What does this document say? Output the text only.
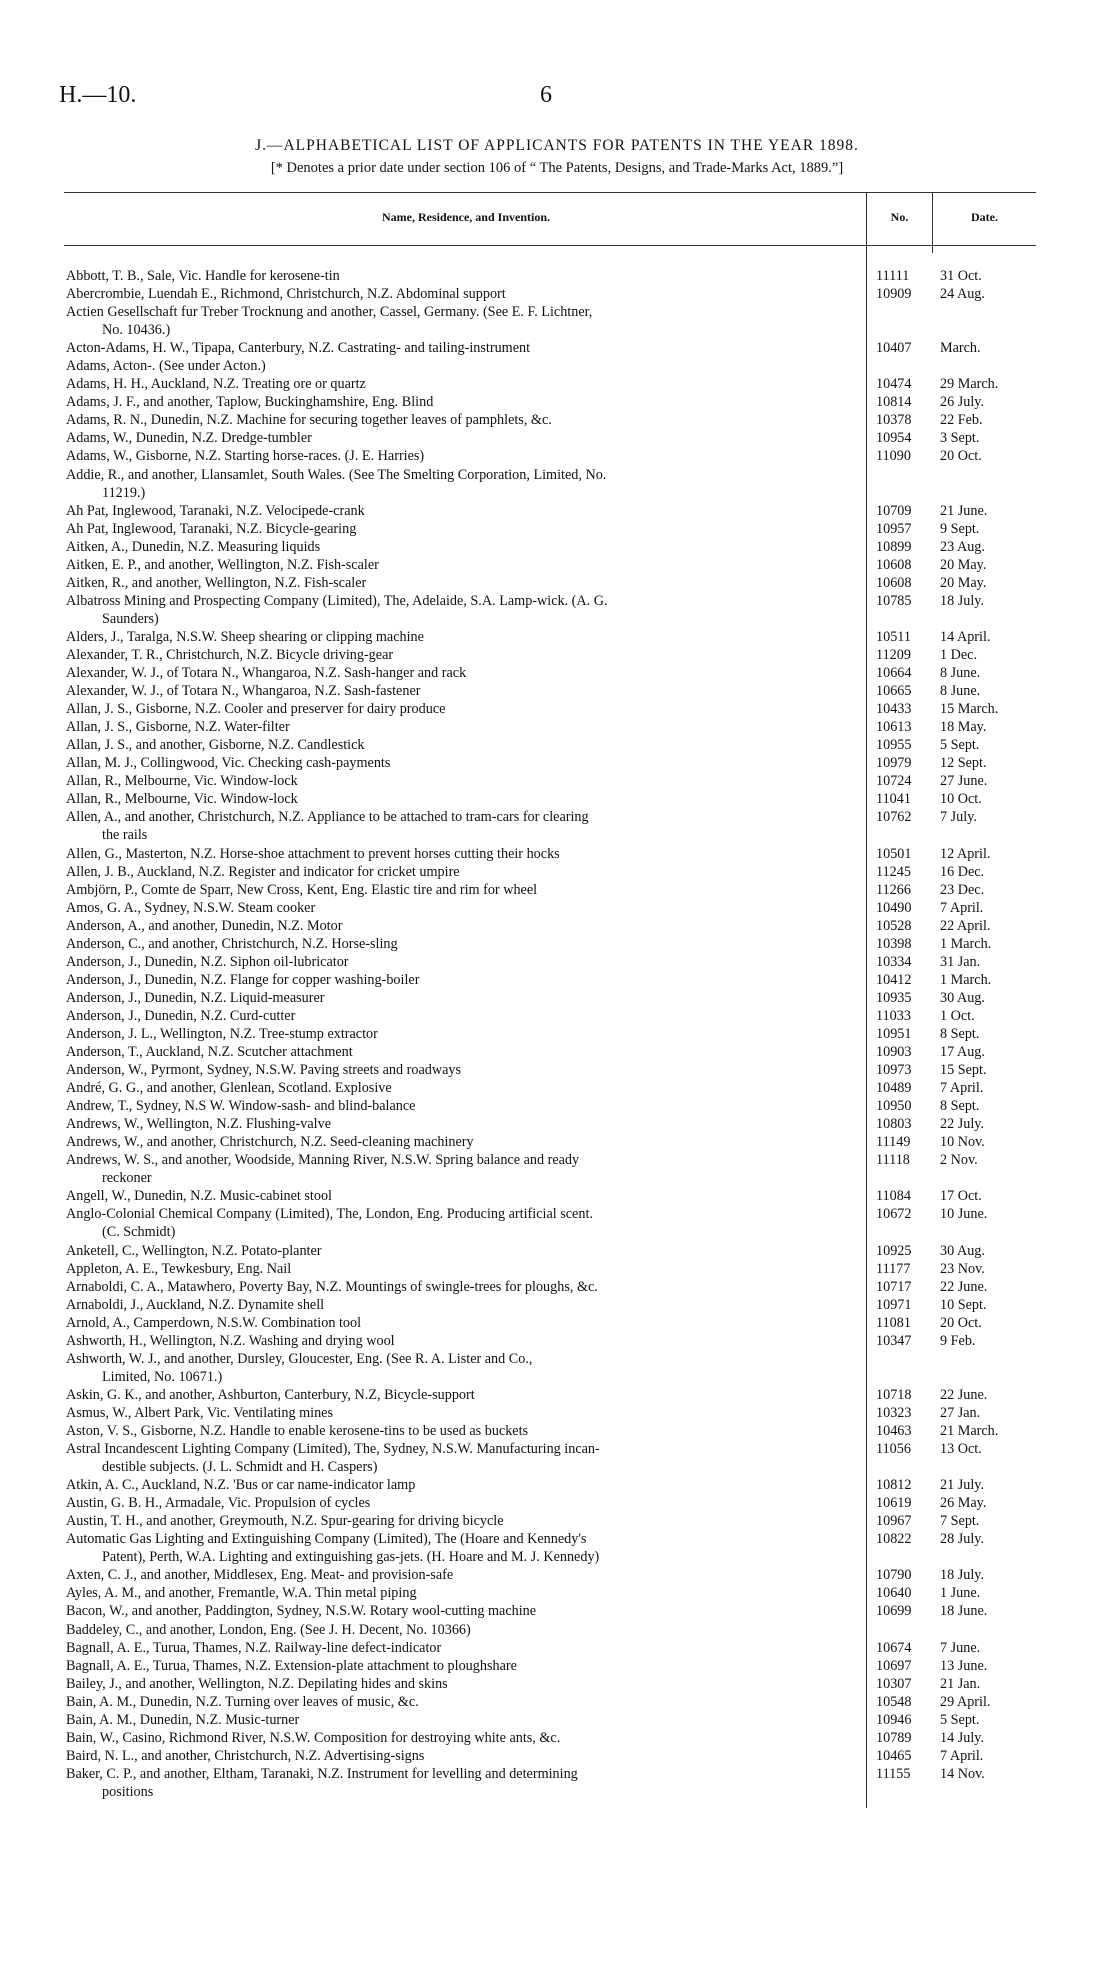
H.—10.	6
J.—ALPHABETICAL LIST OF APPLICANTS FOR PATENTS IN THE YEAR 1898.
[* Denotes a prior date under section 106 of “ The Patents, Designs, and Trade-Marks Act, 1889.”]
Name, Residence, and Invention.	No.	Date.
Abbott, T. B., Sale, Vic. Handle for kerosene-tin	11111	31 Oct.
Abercrombie, Luendah E., Richmond, Christchurch, N.Z. Abdominal support	10909	24 Aug.
Actien Gesellschaft fur Treber Trocknung and another, Cassel, Germany. (See E. F. Lichtner,
No. 10436.)
Acton-Adams, H. W., Tipapa, Canterbury, N.Z. Castrating- and tailing-instrument	10407	March.
Adams, Acton-. (See under Acton.)
Adams, H. H., Auckland, N.Z. Treating ore or quartz	10474	29 March.
Adams, J. F., and another, Taplow, Buckinghamshire, Eng. Blind	10814	26 July.
Adams, R. N., Dunedin, N.Z. Machine for securing together leaves of pamphlets, &c.	10378	22 Feb.
Adams, W., Dunedin, N.Z. Dredge-tumbler	10954	3 Sept.
Adams, W., Gisborne, N.Z. Starting horse-races. (J. E. Harries)	11090	20 Oct.
Addie, R., and another, Llansamlet, South Wales. (See The Smelting Corporation, Limited, No.
11219.)
Ah Pat, Inglewood, Taranaki, N.Z. Velocipede-crank	10709	21 June.
Ah Pat, Inglewood, Taranaki, N.Z. Bicycle-gearing	10957	9 Sept.
Aitken, A., Dunedin, N.Z. Measuring liquids	10899	23 Aug.
Aitken, E. P., and another, Wellington, N.Z. Fish-scaler	10608	20 May.
Aitken, R., and another, Wellington, N.Z. Fish-scaler	10608	20 May.
Albatross Mining and Prospecting Company (Limited), The, Adelaide, S.A. Lamp-wick. (A. G.
Saunders)
10785	18 July.
Alders, J., Taralga, N.S.W. Sheep shearing or clipping machine	10511	14 April.
Alexander, T. R., Christchurch, N.Z. Bicycle driving-gear	11209	1 Dec.
Alexander, W. J., of Totara N., Whangaroa, N.Z. Sash-hanger and rack	10664	8 June.
Alexander, W. J., of Totara N., Whangaroa, N.Z. Sash-fastener	10665	8 June.
Allan, J. S., Gisborne, N.Z. Cooler and preserver for dairy produce	10433	15 March.
Allan, J. S., Gisborne, N.Z. Water-filter	10613	18 May.
Allan, J. S., and another, Gisborne, N.Z. Candlestick	10955	5 Sept.
Allan, M. J., Collingwood, Vic. Checking cash-payments	10979	12 Sept.
Allan, R., Melbourne, Vic. Window-lock	10724	27 June.
Allan, R., Melbourne, Vic. Window-lock	11041	10 Oct.
Allen, A., and another, Christchurch, N.Z. Appliance to be attached to tram-cars for clearing
the rails
10762	7 July.
Allen, G., Masterton, N.Z. Horse-shoe attachment to prevent horses cutting their hocks	10501	12 April.
Allen, J. B., Auckland, N.Z. Register and indicator for cricket umpire	11245	16 Dec.
Ambjörn, P., Comte de Sparr, New Cross, Kent, Eng. Elastic tire and rim for wheel	11266	23 Dec.
Amos, G. A., Sydney, N.S.W. Steam cooker	10490	7 April.
Anderson, A., and another, Dunedin, N.Z. Motor	10528	22 April.
Anderson, C., and another, Christchurch, N.Z. Horse-sling	10398	1 March.
Anderson, J., Dunedin, N.Z. Siphon oil-lubricator	10334	31 Jan.
Anderson, J., Dunedin, N.Z. Flange for copper washing-boiler	10412	1 March.
Anderson, J., Dunedin, N.Z. Liquid-measurer	10935	30 Aug.
Anderson, J., Dunedin, N.Z. Curd-cutter	11033	1 Oct.
Anderson, J. L., Wellington, N.Z. Tree-stump extractor	10951	8 Sept.
Anderson, T., Auckland, N.Z. Scutcher attachment	10903	17 Aug.
Anderson, W., Pyrmont, Sydney, N.S.W. Paving streets and roadways	10973	15 Sept.
André, G. G., and another, Glenlean, Scotland. Explosive	10489	7 April.
Andrew, T., Sydney, N.S W. Window-sash- and blind-balance	10950	8 Sept.
Andrews, W., Wellington, N.Z. Flushing-valve	10803	22 July.
Andrews, W., and another, Christchurch, N.Z. Seed-cleaning machinery	11149	10 Nov.
Andrews, W. S., and another, Woodside, Manning River, N.S.W. Spring balance and ready
reckoner
11118	2 Nov.
Angell, W., Dunedin, N.Z. Music-cabinet stool	11084	17 Oct.
Anglo-Colonial Chemical Company (Limited), The, London, Eng. Producing artificial scent.
(C. Schmidt)
10672	10 June.
Anketell, C., Wellington, N.Z. Potato-planter	10925	30 Aug.
Appleton, A. E., Tewkesbury, Eng. Nail	11177	23 Nov.
Arnaboldi, C. A., Matawhero, Poverty Bay, N.Z. Mountings of swingle-trees for ploughs, &c.	10717	22 June.
Arnaboldi, J., Auckland, N.Z. Dynamite shell	10971	10 Sept.
Arnold, A., Camperdown, N.S.W. Combination tool	11081	20 Oct.
Ashworth, H., Wellington, N.Z. Washing and drying wool	10347	9 Feb.
Ashworth, W. J., and another, Dursley, Gloucester, Eng. (See R. A. Lister and Co.,
Limited, No. 10671.)
Askin, G. K., and another, Ashburton, Canterbury, N.Z, Bicycle-support	10718	22 June.
Asmus, W., Albert Park, Vic. Ventilating mines	10323	27 Jan.
Aston, V. S., Gisborne, N.Z. Handle to enable kerosene-tins to be used as buckets	10463	21 March.
Astral Incandescent Lighting Company (Limited), The, Sydney, N.S.W. Manufacturing incan-
destible subjects. (J. L. Schmidt and H. Caspers)
11056	13 Oct.
Atkin, A. C., Auckland, N.Z. 'Bus or car name-indicator lamp	10812	21 July.
Austin, G. B. H., Armadale, Vic. Propulsion of cycles	10619	26 May.
Austin, T. H., and another, Greymouth, N.Z. Spur-gearing for driving bicycle	10967	7 Sept.
Automatic Gas Lighting and Extinguishing Company (Limited), The (Hoare and Kennedy's
Patent), Perth, W.A. Lighting and extinguishing gas-jets. (H. Hoare and M. J. Kennedy)
10822	28 July.
Axten, C. J., and another, Middlesex, Eng. Meat- and provision-safe	10790	18 July.
Ayles, A. M., and another, Fremantle, W.A. Thin metal piping	10640	1 June.
Bacon, W., and another, Paddington, Sydney, N.S.W. Rotary wool-cutting machine	10699	18 June.
Baddeley, C., and another, London, Eng. (See J. H. Decent, No. 10366)
Bagnall, A. E., Turua, Thames, N.Z. Railway-line defect-indicator	10674	7 June.
Bagnall, A. E., Turua, Thames, N.Z. Extension-plate attachment to ploughshare	10697	13 June.
Bailey, J., and another, Wellington, N.Z. Depilating hides and skins	10307	21 Jan.
Bain, A. M., Dunedin, N.Z. Turning over leaves of music, &c.	10548	29 April.
Bain, A. M., Dunedin, N.Z. Music-turner	10946	5 Sept.
Bain, W., Casino, Richmond River, N.S.W. Composition for destroying white ants, &c.	10789	14 July.
Baird, N. L., and another, Christchurch, N.Z. Advertising-signs	10465	7 April.
Baker, C. P., and another, Eltham, Taranaki, N.Z. Instrument for levelling and determining
positions
11155	14 Nov.
